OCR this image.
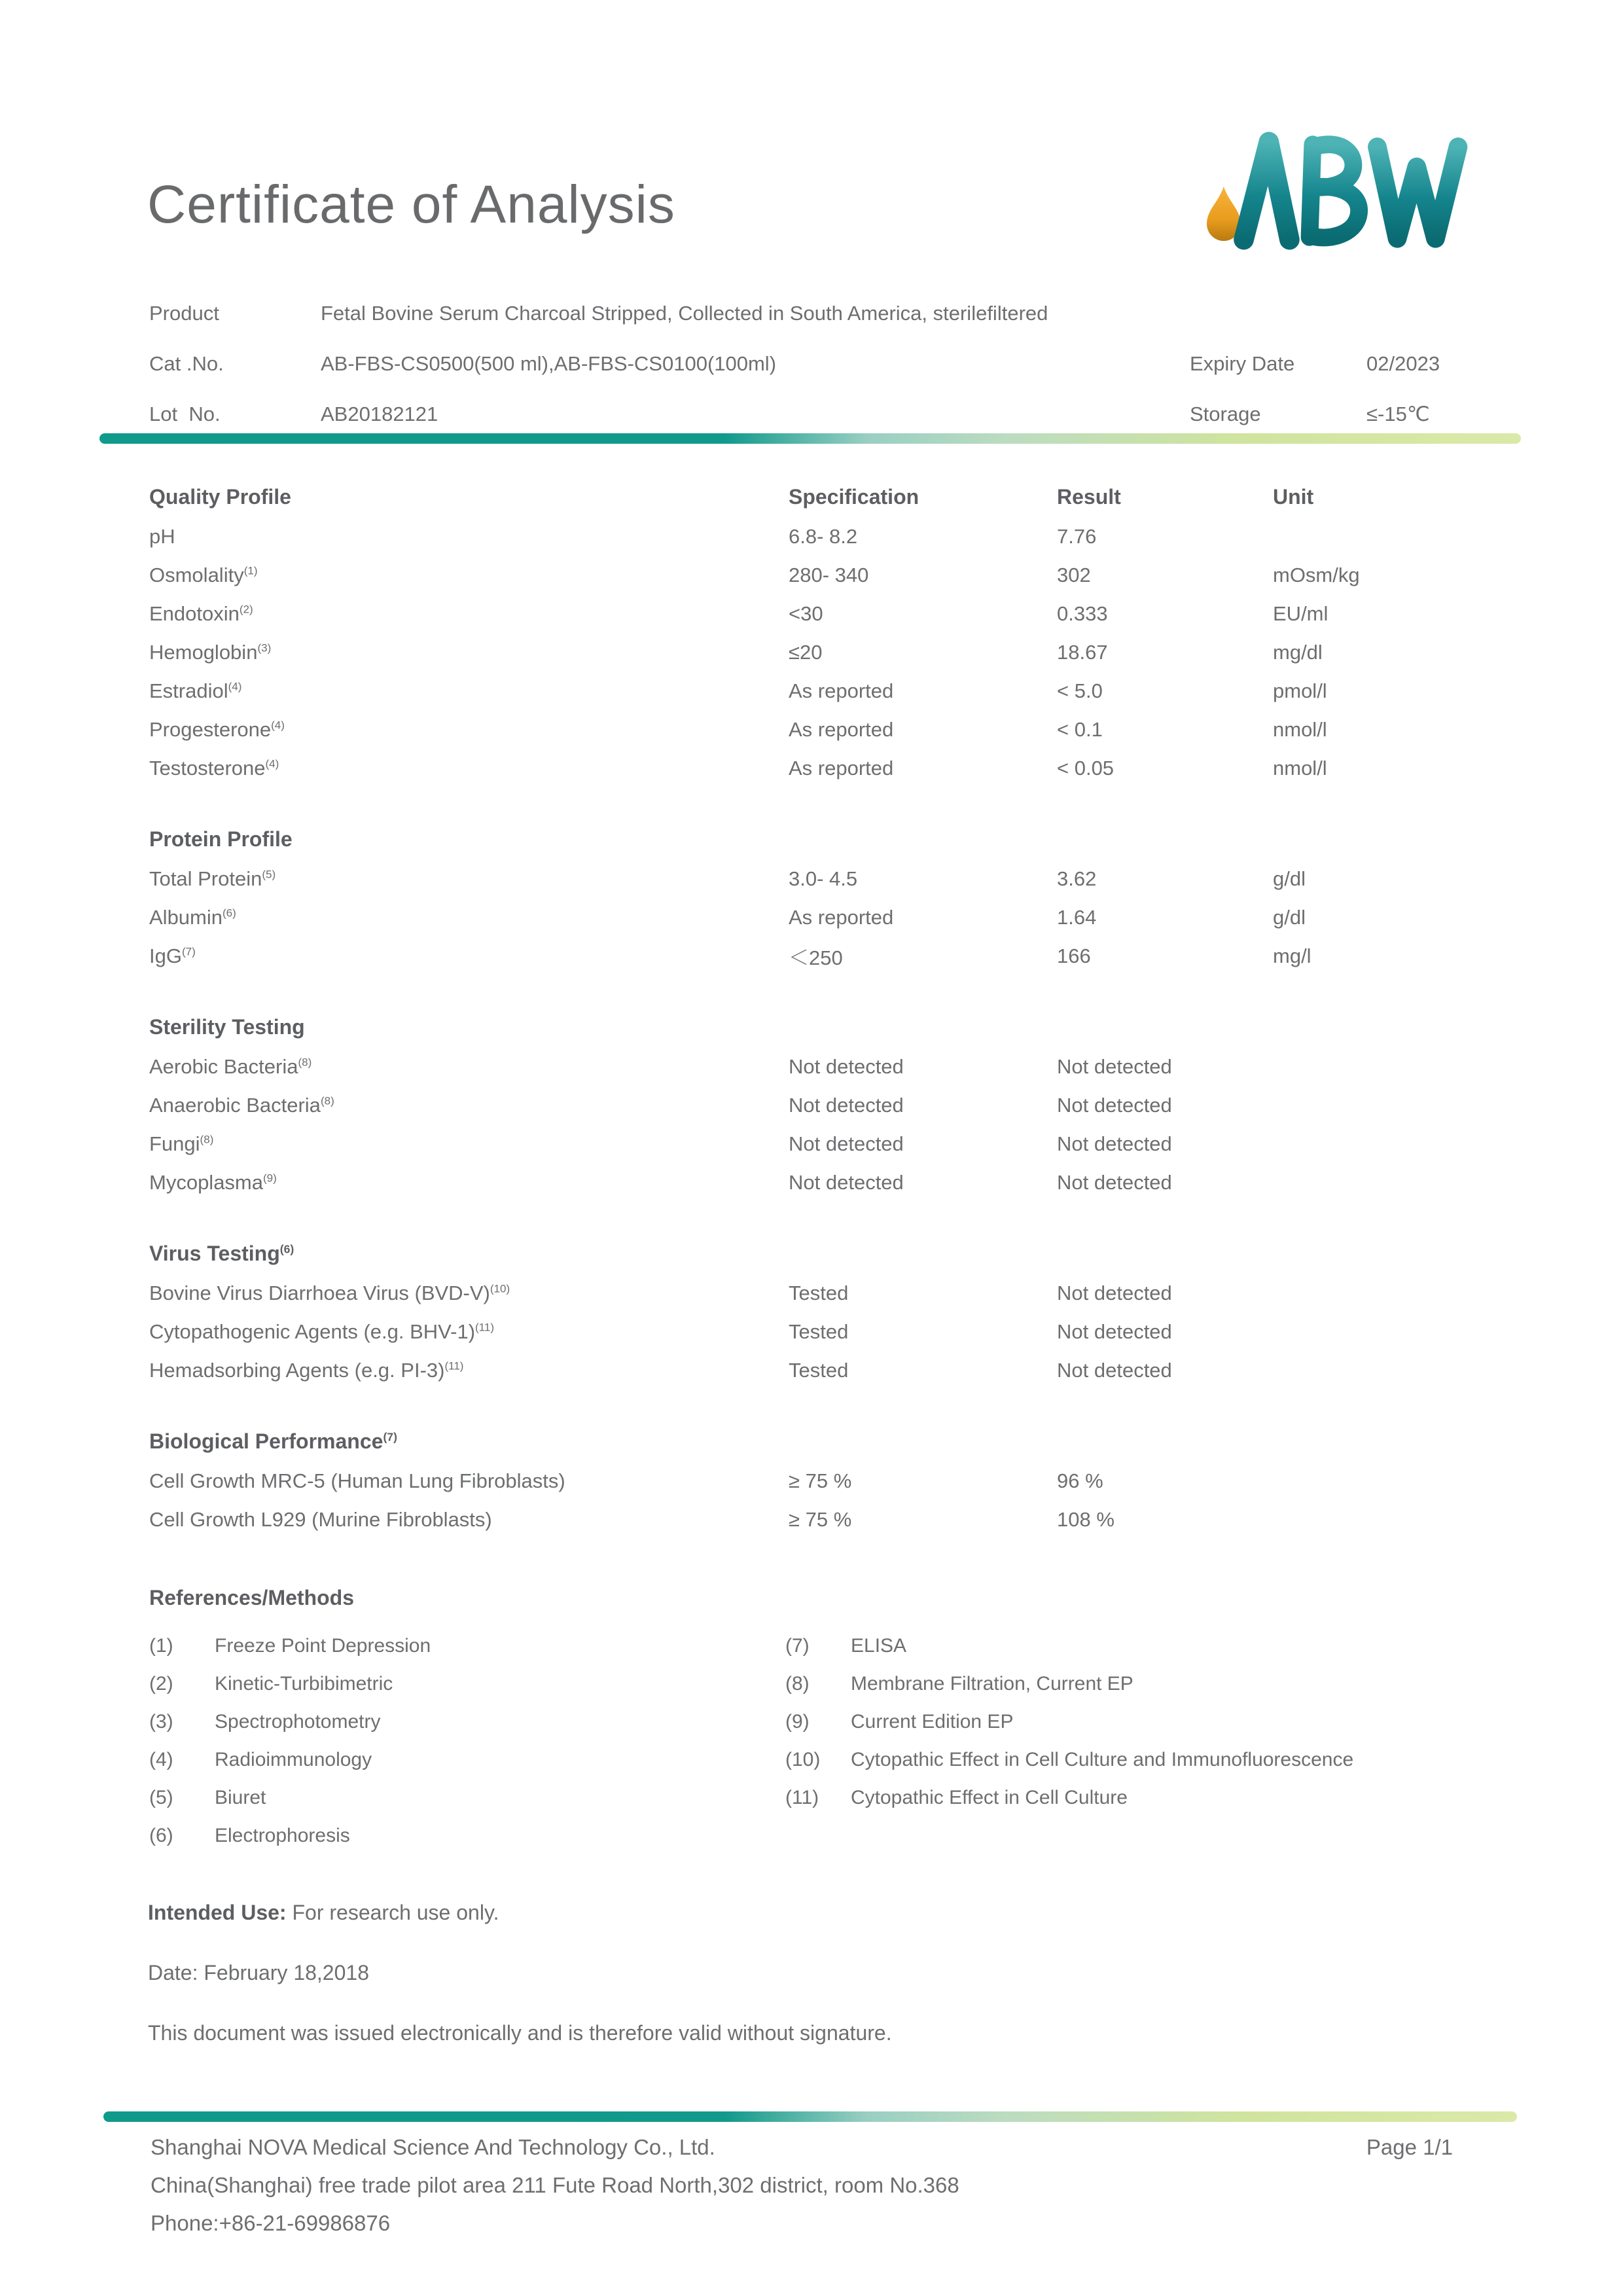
Certificate of Analysis
Product	Fetal Bovine Serum Charcoal Stripped, Collected in South America, sterilefiltered
Cat .No.	AB-FBS-CS0500(500 ml),AB-FBS-CS0100(100ml)	Expiry Date	02/2023
Lot  No.	AB20182121	Storage	≤-15℃
Quality Profile	Specification	Result	Unit
pH	6.8- 8.2	7.76
Osmolality$^{(1)}$	280- 340	302	mOsm/kg
Endotoxin$^{(2)}$	<30	0.333	EU/ml
Hemoglobin$^{(3)}$	≤20	18.67	mg/dl
Estradiol$^{(4)}$	As reported	< 5.0	pmol/l
Progesterone$^{(4)}$	As reported	< 0.1	nmol/l
Testosterone$^{(4)}$	As reported	< 0.05	nmol/l
Protein Profile
Total Protein$^{(5)}$	3.0- 4.5	3.62	g/dl
Albumin$^{(6)}$	As reported	1.64	g/dl
IgG$^{(7)}$	＜250	166	mg/l
Sterility Testing
Aerobic Bacteria$^{(8)}$	Not detected	Not detected
Anaerobic Bacteria$^{(8)}$	Not detected	Not detected
Fungi$^{(8)}$	Not detected	Not detected
Mycoplasma$^{(9)}$	Not detected	Not detected
Virus Testing$^{(6)}$
Bovine Virus Diarrhoea Virus $(BVD-V)^{(10)}$	Tested	Not detected
Cytopathogenic Agents (e.g. BHV-1)$^{(11)}$	Tested	Not detected
Hemadsorbing Agents (e.g. PI-3)$^{(11)}$	Tested	Not detected
Biological Performance$^{(7)}$
Cell Growth MRC-5 (Human Lung Fibroblasts)	≥ 75 %	96 %
Cell Growth L929 (Murine Fibroblasts)	≥ 75 %	108 %
References/Methods
(1)	Freeze Point Depression
(2)	Kinetic-Turbibimetric
(3)	Spectrophotometry
(4)	Radioimmunology
(5)	Biuret
(6)	Electrophoresis
(7)	ELISA
(8)	Membrane Filtration, Current EP
(9)	Current Edition EP
(10)	Cytopathic Effect in Cell Culture and Immunofluorescence
(11)	Cytopathic Effect in Cell Culture

Intended Use: For research use only.

Date: February 18,2018

This document was issued electronically and is therefore valid without signature.

Shanghai NOVA Medical Science And Technology Co., Ltd.	Page 1/1
China(Shanghai) free trade pilot area 211 Fute Road North,302 district, room No.368
Phone:+86-21-69986876
